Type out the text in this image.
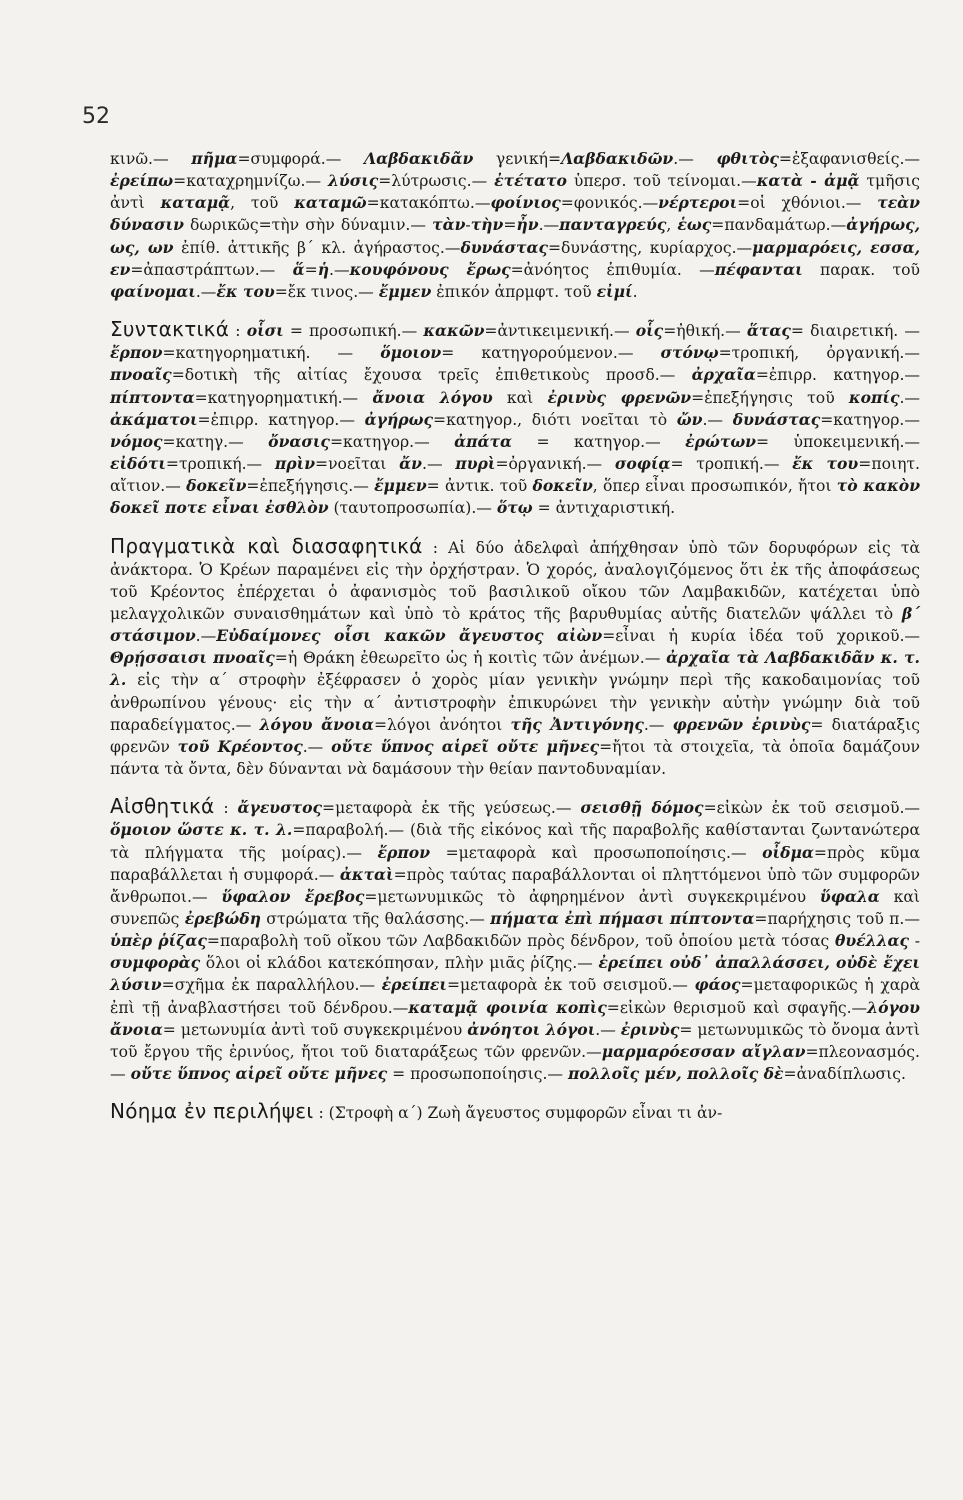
52

κινῶ.— πῆμα=συμφορά.— Λαβδακιδᾶν γενική=Λαβδακιδῶν.— φθιτὸς=ἐξαφανισθείς.— ἐρείπω=καταχρημνίζω.— λύσις=λύτρωσις.— ἐτέτατο ὑπερσ. τοῦ τείνομαι.—κατὰ - ἀμᾷ τμῆσις ἀντὶ καταμᾷ, τοῦ καταμῶ=κατακόπτω.—φοίνιος=φονικός.—νέρτεροι=οἱ χθόνιοι.— τεὰν δύνασιν δωρικῶς=τὴν σὴν δύναμιν.— τὰν-τὴν=ἦν.—πανταγρεύς, ἑως=πανδαμάτωρ.—ἀγήρως, ως, ων ἐπίθ. ἀττικῆς β΄ κλ. ἀγήραστος.—δυνάστας=δυνάστης, κυρίαρχος.—μαρμαρόεις, εσσα, εν=ἀπαστράπτων.— ἅ=ἡ.—κουφόνους ἔρως=ἀνόητος ἐπιθυμία. —πέφανται παρακ. τοῦ φαίνομαι.—ἔκ του=ἔκ τινος.— ἔμμεν ἐπικόν ἀπρμφτ. τοῦ εἰμί.

Συντακτικά : οἷσι = προσωπική.— κακῶν=ἀντικειμενική.— οἷς=ἠθική.— ἅτας= διαιρετική. — ἔρπον=κατηγορηματική. — ὅμοιον= κατηγορούμενον.— στόνῳ=τροπική, ὀργανική.— πνοαῖς=δοτικὴ τῆς αἰτίας ἔχουσα τρεῖς ἐπιθετικοὺς προσδ.— ἀρχαῖα=ἐπιρρ. κατηγορ.— πίπτοντα=κατηγορηματική.— ἄνοια λόγου καὶ ἐρινὺς φρενῶν=ἐπεξήγησις τοῦ κοπίς.— ἀκάματοι=ἐπιρρ. κατηγορ.— ἀγήρως=κατηγορ., διότι νοεῖται τὸ ὤν.— δυνάστας=κατηγορ.— νόμος=κατηγ.— ὄνασις=κατηγορ.— ἀπάτα = κατηγορ.— ἐρώτων= ὑποκειμενική.— εἰδότι=τροπική.— πρὶν=νοεῖται ἄν.— πυρὶ=ὀργανική.— σοφίᾳ= τροπική.— ἔκ του=ποιητ. αἴτιον.— δοκεῖν=ἐπεξήγησις.— ἔμμεν= ἀντικ. τοῦ δοκεῖν, ὅπερ εἶναι προσωπικόν, ἤτοι τὸ κακὸν δοκεῖ ποτε εἶναι ἐσθλὸν (ταυτοπροσωπία).— ὅτῳ = ἀντιχαριστική.

Πραγματικὰ καὶ διασαφητικά : Αἱ δύο ἀδελφαὶ ἀπήχθησαν ὑπὸ τῶν δορυφόρων εἰς τὰ ἀνάκτορα. Ὁ Κρέων παραμένει εἰς τὴν ὀρχήστραν. Ὁ χορός, ἀναλογιζόμενος ὅτι ἐκ τῆς ἀποφάσεως τοῦ Κρέοντος ἐπέρχεται ὁ ἀφανισμὸς τοῦ βασιλικοῦ οἴκου τῶν Λαμβακιδῶν, κατέχεται ὑπὸ μελαγχολικῶν συναισθημάτων καὶ ὑπὸ τὸ κράτος τῆς βαρυθυμίας αὐτῆς διατελῶν ψάλλει τὸ β΄ στάσιμον.—Εὐδαίμονες οἷσι κακῶν ἄγευστος αἰὼν=εἶναι ἡ κυρία ἰδέα τοῦ χορικοῦ.— Θρῄσσαισι πνοαῖς=ἡ Θράκη ἐθεωρεῖτο ὡς ἡ κοιτὶς τῶν ἀνέμων.— ἀρχαῖα τὰ Λαβδακιδᾶν κ. τ. λ. εἰς τὴν α΄ στροφὴν ἐξέφρασεν ὁ χορὸς μίαν γενικὴν γνώμην περὶ τῆς κακοδαιμονίας τοῦ ἀνθρωπίνου γένους· εἰς τὴν α΄ ἀντιστροφὴν ἐπικυρώνει τὴν γενικὴν αὐτὴν γνώμην διὰ τοῦ παραδείγματος.— λόγου ἄνοια=λόγοι ἀνόητοι τῆς Ἀντιγόνης.— φρενῶν ἐρινὺς= διατάραξις φρενῶν τοῦ Κρέοντος.— οὔτε ὕπνος αἱρεῖ οὔτε μῆνες=ἤτοι τὰ στοιχεῖα, τὰ ὁποῖα δαμάζουν πάντα τὰ ὄντα, δὲν δύνανται νὰ δαμάσουν τὴν θείαν παντοδυναμίαν.

Αἰσθητικά : ἄγευστος=μεταφορὰ ἐκ τῆς γεύσεως.— σεισθῇ δόμος=εἰκὼν ἐκ τοῦ σεισμοῦ.— ὅμοιον ὥστε κ. τ. λ.=παραβολή.— (διὰ τῆς εἰκόνος καὶ τῆς παραβολῆς καθίστανται ζωντανώτερα τὰ πλήγματα τῆς μοίρας).— ἔρπον =μεταφορὰ καὶ προσωποποίησις.— οἶδμα=πρὸς κῦμα παραβάλλεται ἡ συμφορά.— ἀκταὶ=πρὸς ταύτας παραβάλλονται οἱ πληττόμενοι ὑπὸ τῶν συμφορῶν ἄνθρωποι.— ὕφαλον ἔρεβος=μετωνυμικῶς τὸ ἀφηρημένον ἀντὶ συγκεκριμένου ὕφαλα καὶ συνεπῶς ἐρεβώδη στρώματα τῆς θαλάσσης.— πήματα ἐπὶ πήμασι πίπτοντα=παρήχησις τοῦ π.— ὑπὲρ ῥίζας=παραβολὴ τοῦ οἴκου τῶν Λαβδακιδῶν πρὸς δένδρον, τοῦ ὁποίου μετὰ τόσας θυέλλας - συμφορὰς ὅλοι οἱ κλάδοι κατεκόπησαν, πλὴν μιᾶς ῥίζης.— ἐρείπει οὐδ᾽ ἀπαλλάσσει, οὐδὲ ἔχει λύσιν=σχῆμα ἐκ παραλλήλου.— ἐρείπει=μεταφορὰ ἐκ τοῦ σεισμοῦ.— φάος=μεταφορικῶς ἡ χαρὰ ἐπὶ τῇ ἀναβλαστήσει τοῦ δένδρου.—καταμᾷ φοινία κοπὶς=εἰκὼν θερισμοῦ καὶ σφαγῆς.—λόγου ἄνοια= μετωνυμία ἀντὶ τοῦ συγκεκριμένου ἀνόητοι λόγοι.— ἐρινὺς= μετωνυμικῶς τὸ ὄνομα ἀντὶ τοῦ ἔργου τῆς ἐρινύος, ἤτοι τοῦ διαταράξεως τῶν φρενῶν.—μαρμαρόεσσαν αἴγλαν=πλεονασμός.— οὔτε ὕπνος αἱρεῖ οὔτε μῆνες = προσωποποίησις.— πολλοῖς μέν, πολλοῖς δὲ=ἀναδίπλωσις.

Νόημα ἐν περιλήψει : (Στροφὴ α΄) Ζωὴ ἄγευστος συμφορῶν εἶναι τι ἀν-
